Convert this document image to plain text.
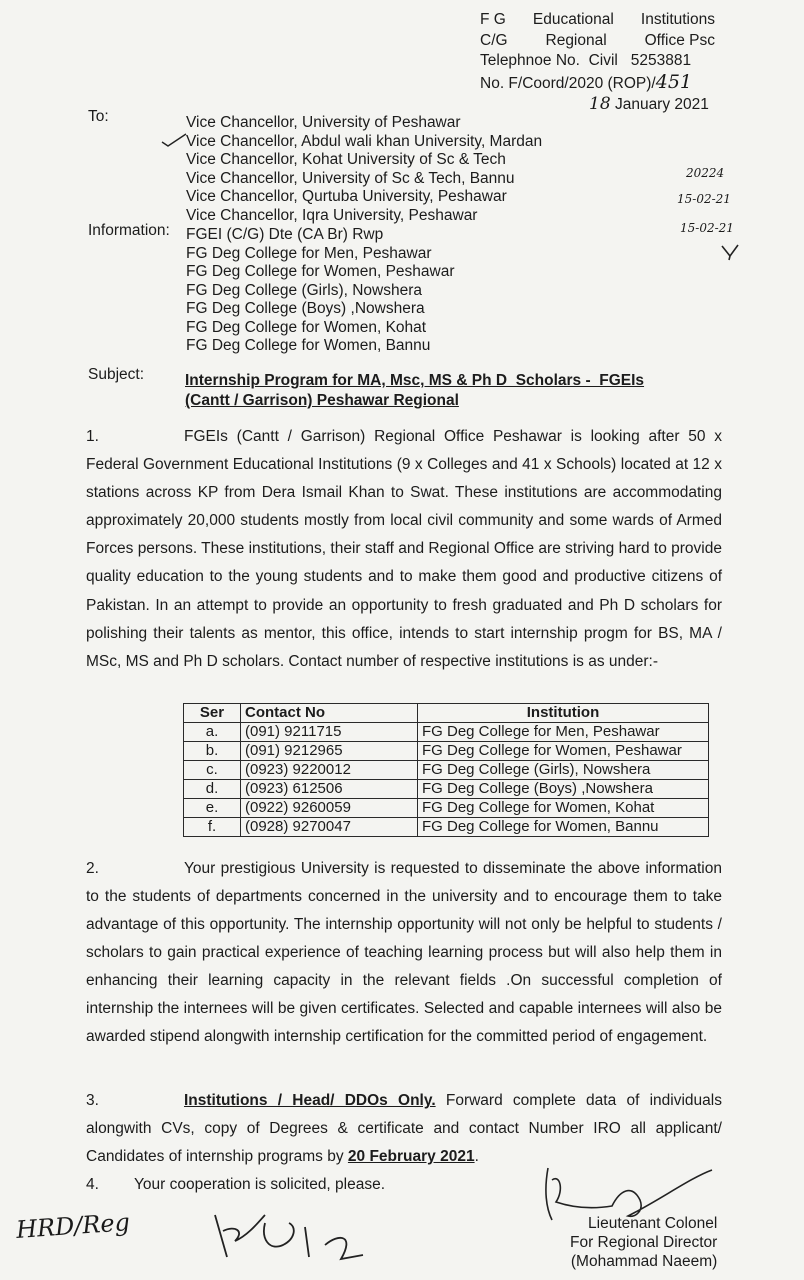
F G Educational Institutions
C/G Regional Office Psc
Telephnoe No.  Civil   5253881
No. F/Coord/2020 (ROP)/451
18 January 2021
20224
15-02-21
15-02-21
To:	Vice Chancellor, University of Peshawar
Vice Chancellor, Abdul wali khan University, Mardan
Vice Chancellor, Kohat University of Sc & Tech
Vice Chancellor, University of Sc & Tech, Bannu
Vice Chancellor, Qurtuba University, Peshawar
Vice Chancellor, Iqra University, Peshawar
Information: FGEI (C/G) Dte (CA Br) Rwp
FG Deg College for Men, Peshawar
FG Deg College for Women, Peshawar
FG Deg College (Girls), Nowshera
FG Deg College (Boys) ,Nowshera
FG Deg College for Women, Kohat
FG Deg College for Women, Bannu
Subject:	Internship Program for MA, Msc, MS & Ph D  Scholars -  FGEIs
(Cantt / Garrison) Peshawar Regional
1.	FGEIs (Cantt / Garrison) Regional Office Peshawar is looking after 50 x Federal Government Educational Institutions (9 x Colleges and 41 x Schools) located at 12 x stations across KP from Dera Ismail Khan to Swat. These institutions are accommodating approximately 20,000 students mostly from local civil community and some wards of Armed Forces persons. These institutions, their staff and Regional Office are striving hard to provide quality education to the young students and to make them good and productive citizens of Pakistan. In an attempt to provide an opportunity to fresh graduated and Ph D scholars for polishing their talents as mentor, this office, intends to start internship progm for BS, MA / MSc, MS and Ph D scholars. Contact number of respective institutions is as under:-
Ser	Contact No	Institution
a.	(091) 9211715	FG Deg College for Men, Peshawar
b.	(091) 9212965	FG Deg College for Women, Peshawar
c.	(0923) 9220012	FG Deg College (Girls), Nowshera
d.	(0923) 612506	FG Deg College (Boys) ,Nowshera
e.	(0922) 9260059	FG Deg College for Women, Kohat
f.	(0928) 9270047	FG Deg College for Women, Bannu
2.	Your prestigious University is requested to disseminate the above information to the students of departments concerned in the university and to encourage them to take advantage of this opportunity. The internship opportunity will not only be helpful to students / scholars to gain practical experience of teaching learning process but will also help them in enhancing their learning capacity in the relevant fields .On successful completion of internship the internees will be given certificates. Selected and capable internees will also be awarded stipend alongwith internship certification for the committed period of engagement.
3.	Institutions / Head/ DDOs Only. Forward complete data of individuals alongwith CVs, copy of Degrees & certificate and contact Number IRO all applicant/ Candidates of internship programs by 20 February 2021.
4.	Your cooperation is solicited, please.
Lieutenant Colonel
For Regional Director
(Mohammad Naeem)
HRD/Reg
